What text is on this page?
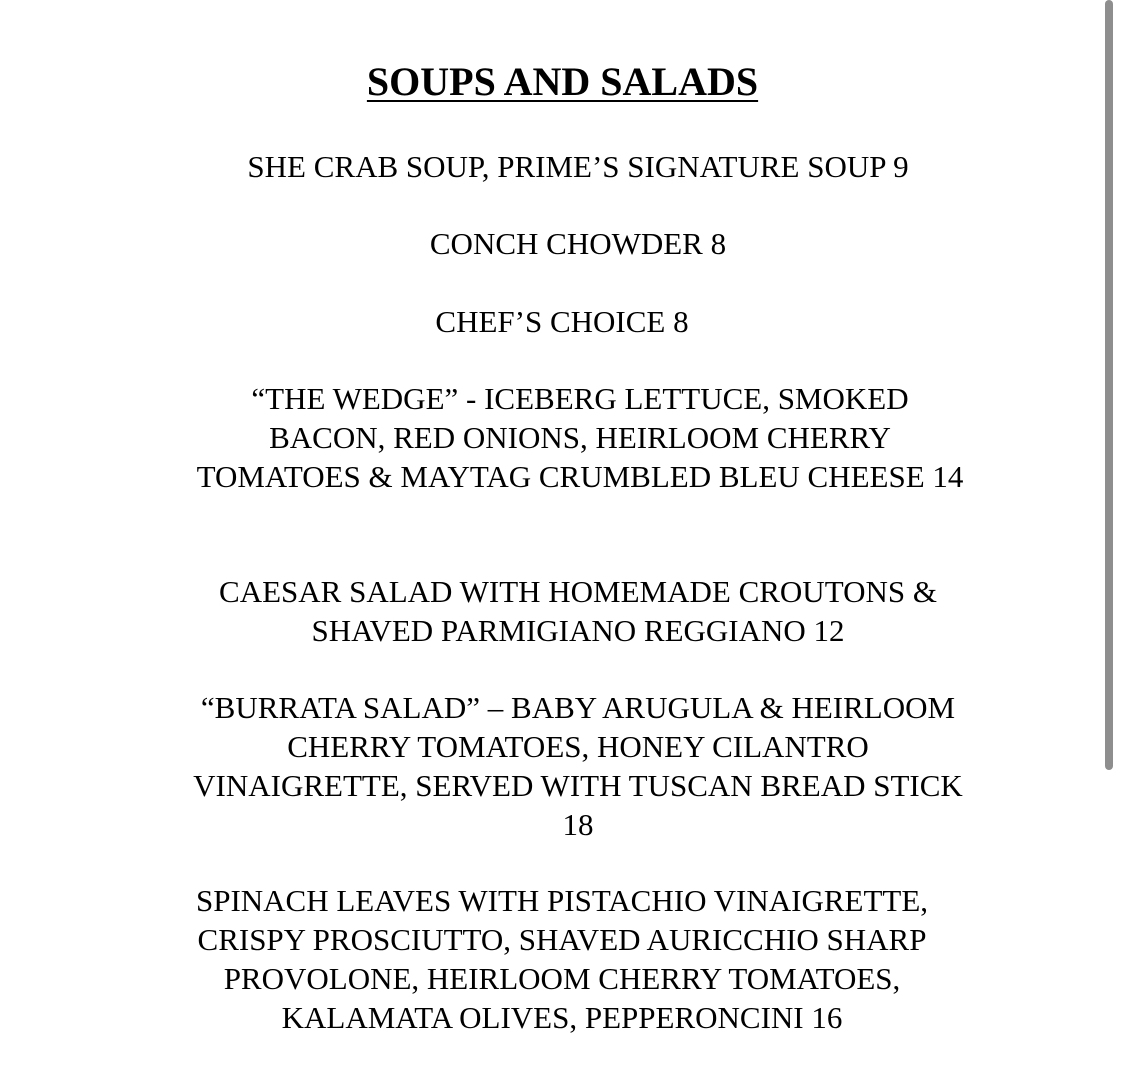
SOUPS AND SALADS
SHE CRAB SOUP, PRIME’S SIGNATURE SOUP 9
CONCH CHOWDER 8
CHEF’S CHOICE 8
“THE WEDGE” - ICEBERG LETTUCE, SMOKED
BACON, RED ONIONS, HEIRLOOM CHERRY
TOMATOES & MAYTAG CRUMBLED BLEU CHEESE 14
CAESAR SALAD WITH HOMEMADE CROUTONS &
SHAVED PARMIGIANO REGGIANO 12
“BURRATA SALAD” – BABY ARUGULA & HEIRLOOM
CHERRY TOMATOES, HONEY CILANTRO
VINAIGRETTE, SERVED WITH TUSCAN BREAD STICK
18
SPINACH LEAVES WITH PISTACHIO VINAIGRETTE,
CRISPY PROSCIUTTO, SHAVED AURICCHIO SHARP
PROVOLONE, HEIRLOOM CHERRY TOMATOES,
KALAMATA OLIVES, PEPPERONCINI 16
